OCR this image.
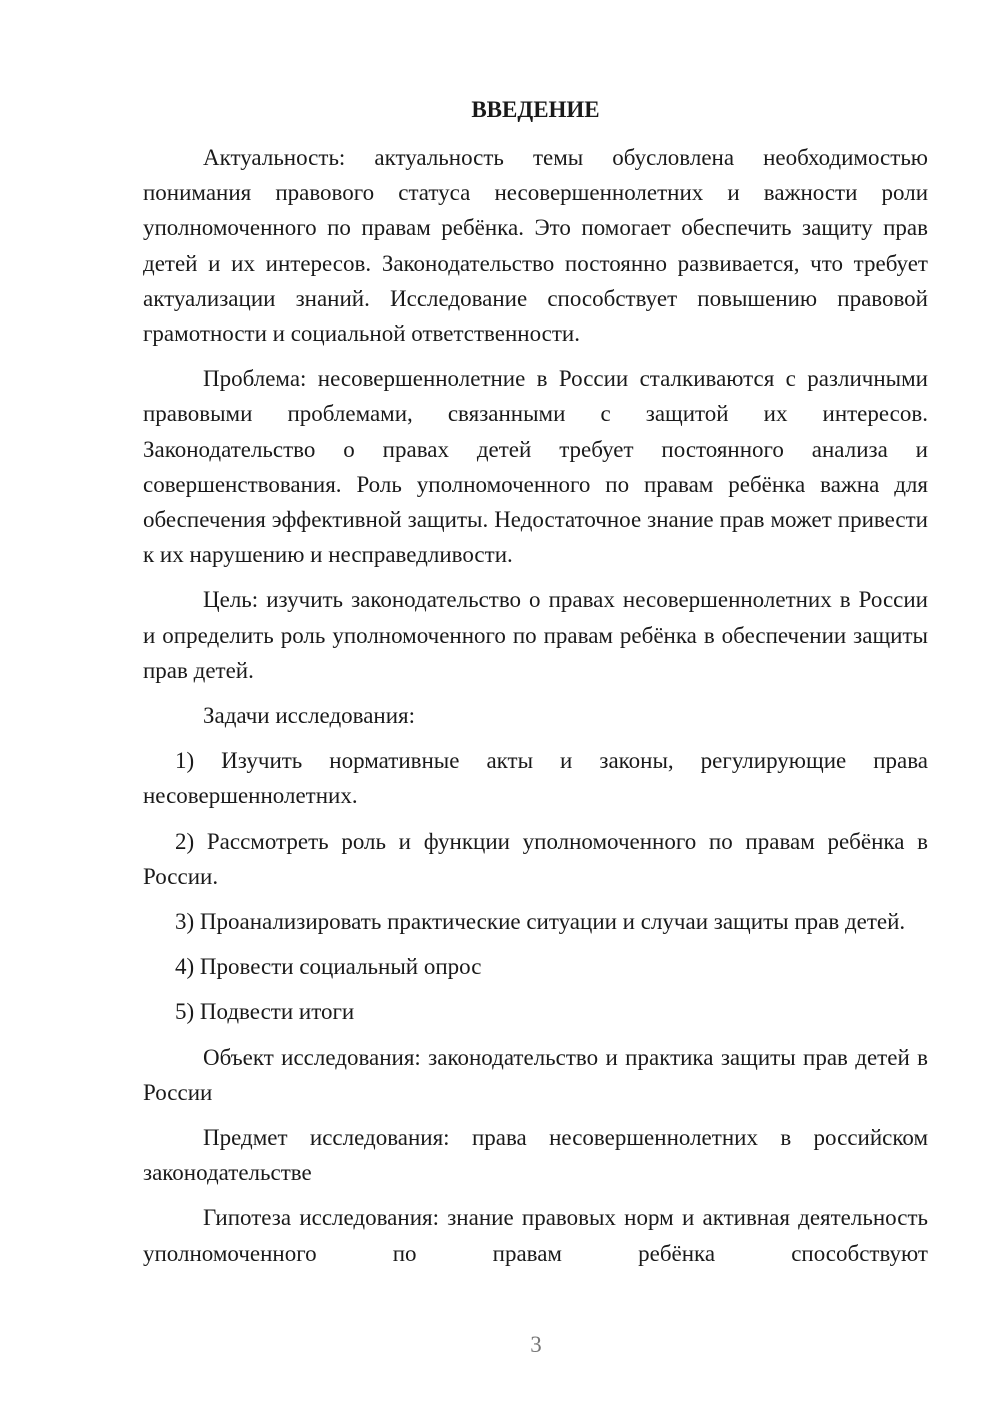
ВВЕДЕНИЕ

Актуальность: актуальность темы обусловлена необходимостью понимания правового статуса несовершеннолетних и важности роли уполномоченного по правам ребёнка. Это помогает обеспечить защиту прав детей и их интересов. Законодательство постоянно развивается, что требует актуализации знаний. Исследование способствует повышению правовой грамотности и социальной ответственности.

Проблема: несовершеннолетние в России сталкиваются с различными правовыми проблемами, связанными с защитой их интересов. Законодательство о правах детей требует постоянного анализа и совершенствования. Роль уполномоченного по правам ребёнка важна для обеспечения эффективной защиты. Недостаточное знание прав может привести к их нарушению и несправедливости.

Цель: изучить законодательство о правах несовершеннолетних в России и определить роль уполномоченного по правам ребёнка в обеспечении защиты прав детей.

Задачи исследования:

1) Изучить нормативные акты и законы, регулирующие права несовершеннолетних.

2) Рассмотреть роль и функции уполномоченного по правам ребёнка в России.

3) Проанализировать практические ситуации и случаи защиты прав детей.

4) Провести социальный опрос

5) Подвести итоги

Объект исследования: законодательство и практика защиты прав детей в России

Предмет исследования: права несовершеннолетних в российском законодательстве

Гипотеза исследования: знание правовых норм и активная деятельность уполномоченного по правам ребёнка способствуют

3
